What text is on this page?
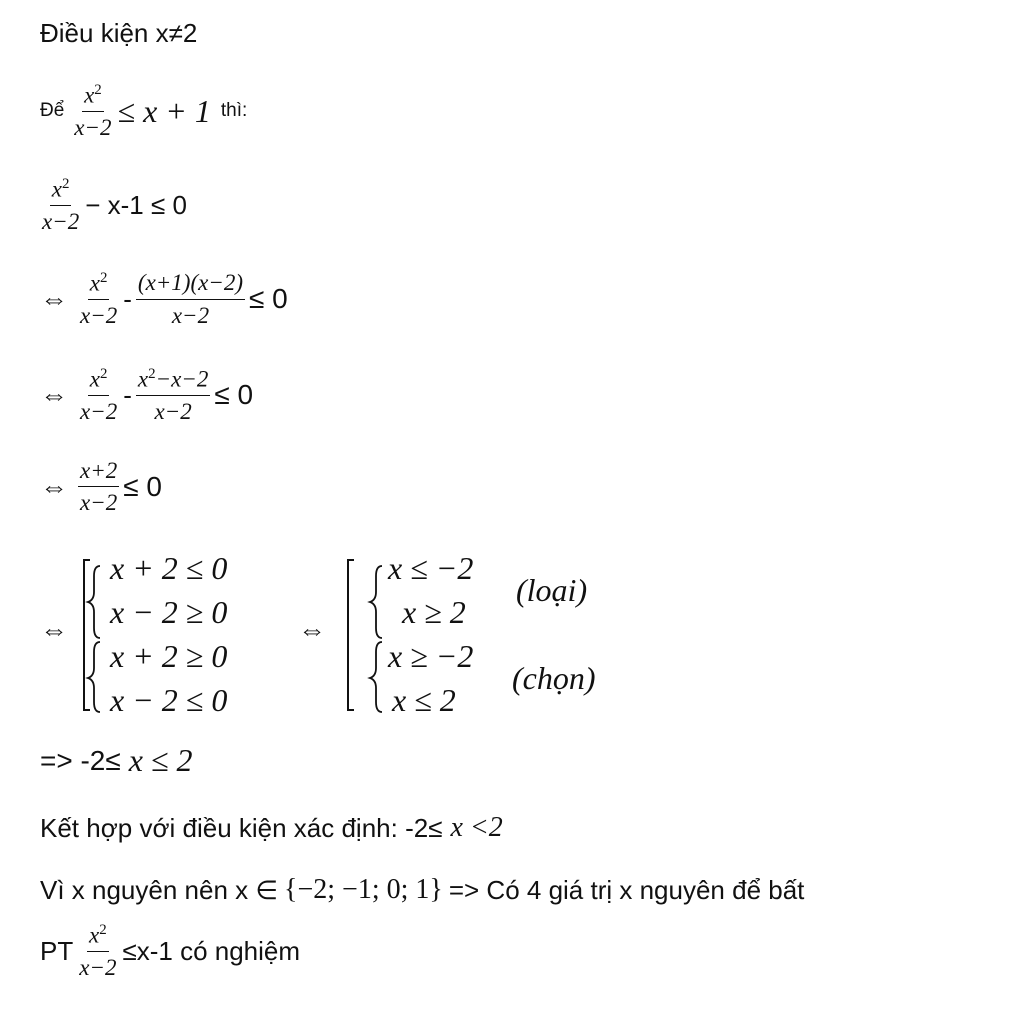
Điều kiện x≠2
Để $\frac{x^2}{x-2} \le x + 1$ thì:
$\frac{x^2}{x-2} - x-1 \le 0$
⇔ $\frac{x^2}{x-2} - \frac{(x+1)(x-2)}{x-2} \le 0$
⇔ $\frac{x^2}{x-2} - \frac{x^2-x-2}{x-2} \le 0$
⇔ $\frac{x+2}{x-2} \le 0$
⇔
x + 2 ≤ 0
x − 2 ≥ 0
x + 2 ≥ 0
x − 2 ≤ 0
⇔
x ≤ −2
x ≥ 2
x ≥ −2
x ≤ 2
(loại)
(chọn)
=> -2≤ x ≤ 2
Kết hợp với điều kiện xác định: -2≤ x <2
Vì x nguyên nên x ∈ {−2; −1; 0; 1} => Có 4 giá trị x nguyên để bất
PT $\frac{x^2}{x-2} \le x-1$ có nghiệm
